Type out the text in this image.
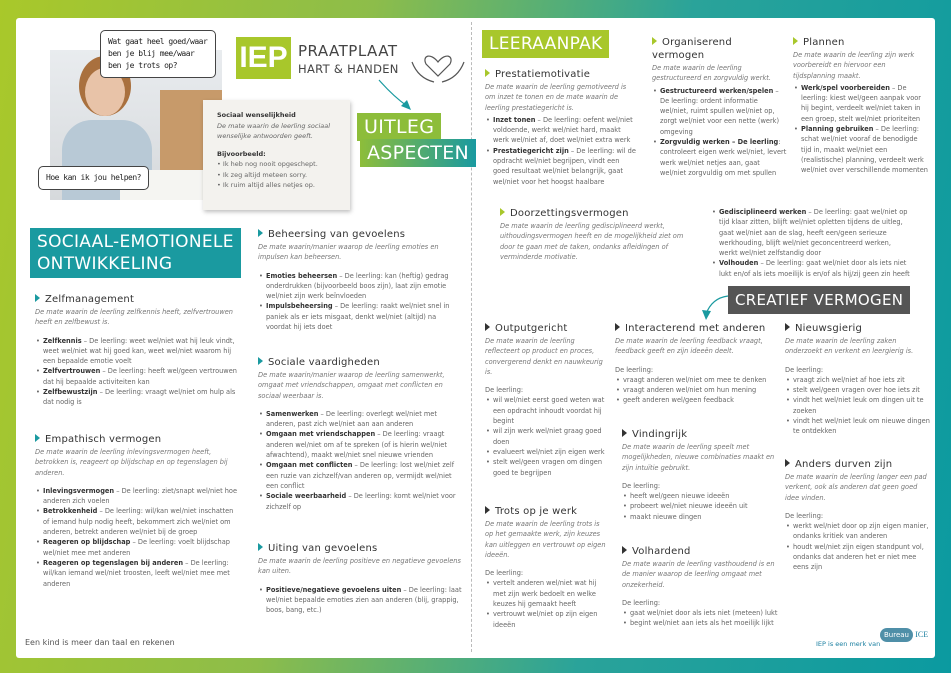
Wat gaat heel goed/waar ben je blij mee/waar ben je trots op?
Hoe kan ik jou helpen?
Sociaal wenselijkheid
De mate waarin de leerling sociaal wenselijke antwoorden geeft.
Bijvoorbeeld:
• Ik heb nog nooit opgeschept.
• Ik zeg altijd meteen sorry.
• Ik ruim altijd alles netjes op.
IEP PRAATPLAAT
HART & HANDEN
UITLEG
ASPECTEN
SOCIAAL-EMOTIONELE
ONTWIKKELING
LEERAANPAK
CREATIEF VERMOGEN
Zelfmanagement
De mate waarin de leerling zelfkennis heeft, zelfvertrouwen heeft en zelfbewust is.
• Zelfkennis – De leerling: weet wel/niet wat hij leuk vindt, weet wel/niet wat hij goed kan, weet wel/niet waarom hij een bepaalde emotie voelt
• Zelfvertrouwen – De leerling: heeft wel/geen vertrouwen dat hij bepaalde activiteiten kan
• Zelfbewustzijn – De leerling: vraagt wel/niet om hulp als dat nodig is
Empathisch vermogen
De mate waarin de leerling inlevingsvermogen heeft, betrokken is, reageert op blijdschap en op tegenslagen bij anderen.
• Inlevingsvermogen – De leerling: ziet/snapt wel/niet hoe anderen zich voelen
• Betrokkenheid – De leerling: wil/kan wel/niet inschatten of iemand hulp nodig heeft, bekommert zich wel/niet om anderen, betrekt anderen wel/niet bij de groep
• Reageren op blijdschap – De leerling: voelt blijdschap wel/niet mee met anderen
• Reageren op tegenslagen bij anderen – De leerling: wil/kan iemand wel/niet troosten, leeft wel/niet mee met anderen
Beheersing van gevoelens
De mate waarin/manier waarop de leerling emoties en impulsen kan beheersen.
• Emoties beheersen – De leerling: kan (heftig) gedrag onderdrukken (bijvoorbeeld boos zijn), laat zijn emotie wel/niet zijn werk beïnvloeden
• Impulsbeheersing – De leerling: raakt wel/niet snel in paniek als er iets misgaat, denkt wel/niet (altijd) na voordat hij iets doet
Sociale vaardigheden
De mate waarin/manier waarop de leerling samenwerkt, omgaat met vriendschappen, omgaat met conflicten en sociaal weerbaar is.
• Samenwerken – De leerling: overlegt wel/niet met anderen, past zich wel/niet aan aan anderen
• Omgaan met vriendschappen – De leerling: vraagt anderen wel/niet om af te spreken (of is hierin wel/niet afwachtend), maakt wel/niet snel nieuwe vrienden
• Omgaan met conflicten – De leerling: lost wel/niet zelf een ruzie van zichzelf/van anderen op, vermijdt wel/niet een conflict
• Sociale weerbaarheid – De leerling: komt wel/niet voor zichzelf op
Uiting van gevoelens
De mate waarin de leerling positieve en negatieve gevoelens kan uiten.
• Positieve/negatieve gevoelens uiten – De leerling: laat wel/niet bepaalde emoties zien aan anderen (blij, grappig, boos, bang, etc.)
Prestatiemotivatie
De mate waarin de leerling gemotiveerd is om inzet te tonen en de mate waarin de leerling prestatiegericht is.
• Inzet tonen – De leerling: oefent wel/niet voldoende, werkt wel/niet hard, maakt werk wel/niet af, doet wel/niet extra werk
• Prestatiegericht zijn – De leerling: wil de opdracht wel/niet begrijpen, vindt een goed resultaat wel/niet belangrijk, gaat wel/niet voor het hoogst haalbare
Organiserend vermogen
De mate waarin de leerling gestructureerd en zorgvuldig werkt.
• Gestructureerd werken/spelen – De leerling: ordent informatie wel/niet, ruimt spullen wel/niet op, zorgt wel/niet voor een nette (werk) omgeving
• Zorgvuldig werken – De leerling: controleert eigen werk wel/niet, levert werk wel/niet netjes aan, gaat wel/niet zorgvuldig om met spullen
Plannen
De mate waarin de leerling zijn werk voorbereidt en hiervoor een tijdsplanning maakt.
• Werk/spel voorbereiden – De leerling: kiest wel/geen aanpak voor hij begint, verdeelt wel/niet taken in een groep, stelt wel/niet prioriteiten
• Planning gebruiken – De leerling: schat wel/niet vooraf de benodigde tijd in, maakt wel/niet een (realistische) planning, verdeelt werk wel/niet over verschillende momenten
Doorzettingsvermogen
De mate waarin de leerling gedisciplineerd werkt, uithoudingsvermogen heeft en de mogelijkheid ziet om door te gaan met de taken, ondanks afleidingen of verminderde motivatie.
• Gedisciplineerd werken – De leerling: gaat wel/niet op tijd klaar zitten, blijft wel/niet opletten tijdens de uitleg, gaat wel/niet aan de slag, heeft een/geen serieuze werkhouding, blijft wel/niet geconcentreerd werken, werkt wel/niet zelfstandig door
• Volhouden – De leerling: gaat wel/niet door als iets niet lukt en/of als iets moeilijk is en/of als hij/zij geen zin heeft
Outputgericht
De mate waarin de leerling reflecteert op product en proces, convergerend denkt en nauwkeurig is.
De leerling:
• wil wel/niet eerst goed weten wat een opdracht inhoudt voordat hij begint
• wil zijn werk wel/niet graag goed doen
• evalueert wel/niet zijn eigen werk
• stelt wel/geen vragen om dingen goed te begrijpen
Trots op je werk
De mate waarin de leerling trots is op het gemaakte werk, zijn keuzes kan uitleggen en vertrouwt op eigen ideeën.
De leerling:
• vertelt anderen wel/niet wat hij met zijn werk bedoelt en welke keuzes hij gemaakt heeft
• vertrouwt wel/niet op zijn eigen ideeën
Interacterend met anderen
De mate waarin de leerling feedback vraagt, feedback geeft en zijn ideeën deelt.
De leerling:
• vraagt anderen wel/niet om mee te denken
• vraagt anderen wel/niet om hun mening
• geeft anderen wel/geen feedback
Vindingrijk
De mate waarin de leerling speelt met mogelijkheden, nieuwe combinaties maakt en zijn intuïtie gebruikt.
De leerling:
• heeft wel/geen nieuwe ideeën
• probeert wel/niet nieuwe ideeën uit
• maakt nieuwe dingen
Volhardend
De mate waarin de leerling vasthoudend is en de manier waarop de leerling omgaat met onzekerheid.
De leerling:
• gaat wel/niet door als iets niet (meteen) lukt
• begint wel/niet aan iets als het moeilijk lijkt
Nieuwsgierig
De mate waarin de leerling zaken onderzoekt en verkent en leergierig is.
De leerling:
• vraagt zich wel/niet af hoe iets zit
• stelt wel/geen vragen over hoe iets zit
• vindt het wel/niet leuk om dingen uit te zoeken
• vindt het wel/niet leuk om nieuwe dingen te ontdekken
Anders durven zijn
De mate waarin de leerling langer een pad verkent, ook als anderen dat geen goed idee vinden.
De leerling:
• werkt wel/niet door op zijn eigen manier, ondanks kritiek van anderen
• houdt wel/niet zijn eigen standpunt vol, ondanks dat anderen het er niet mee eens zijn
Een kind is meer dan taal en rekenen	IEP is een merk van
Bureau ICE
